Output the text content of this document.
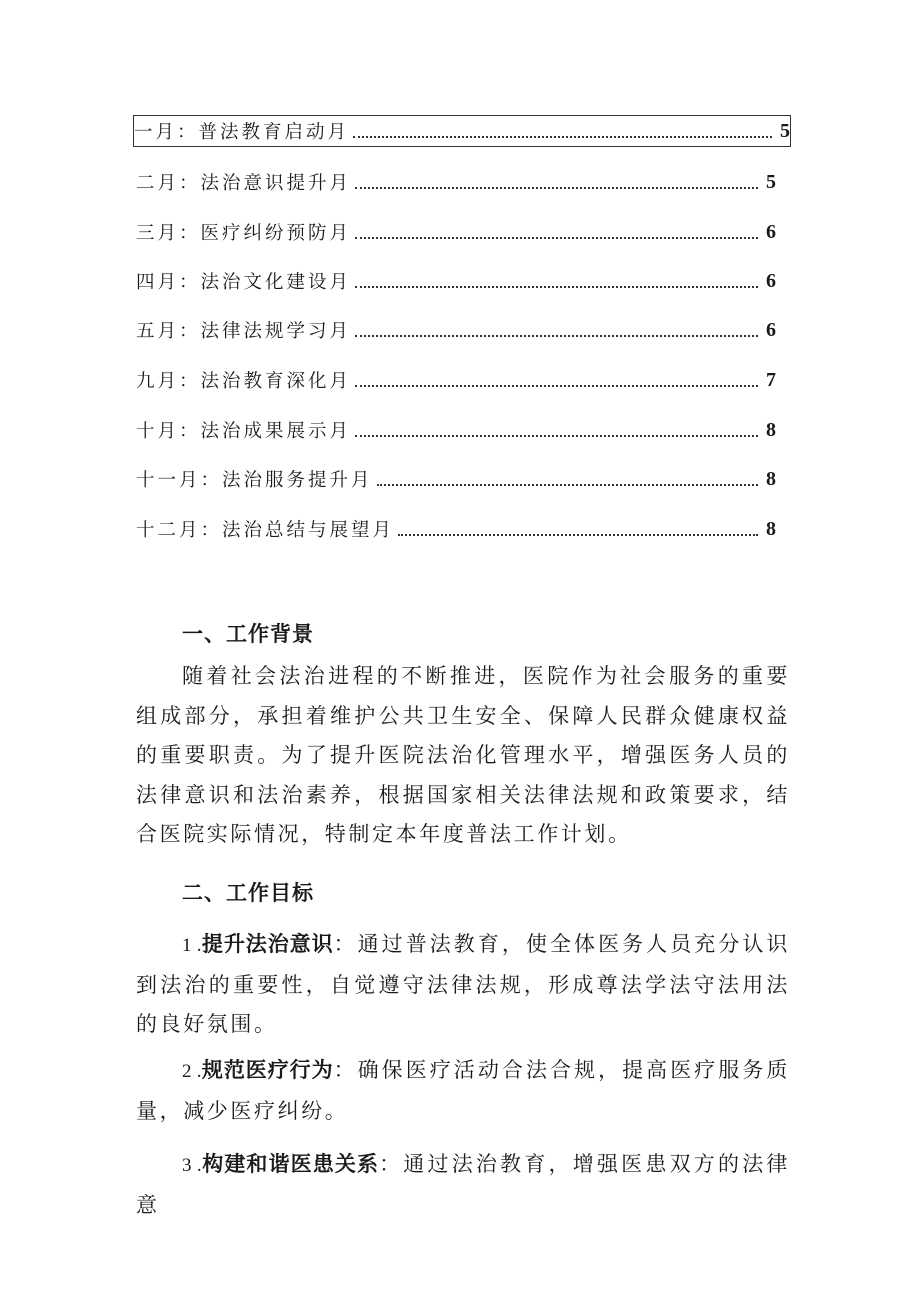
一月：普法教育启动月	5
二月：法治意识提升月	5
三月：医疗纠纷预防月	6
四月：法治文化建设月	6
五月：法律法规学习月	6
九月：法治教育深化月	7
十月：法治成果展示月	8
十一月：法治服务提升月	8
十二月：法治总结与展望月	8
一、工作背景

随着社会法治进程的不断推进，医院作为社会服务的重要组成部分，承担着维护公共卫生安全、保障人民群众健康权益的重要职责。为了提升医院法治化管理水平，增强医务人员的法律意识和法治素养，根据国家相关法律法规和政策要求，结合医院实际情况，特制定本年度普法工作计划。

二、工作目标

1 .提升法治意识：通过普法教育，使全体医务人员充分认识到法治的重要性，自觉遵守法律法规，形成尊法学法守法用法的良好氛围。

2 .规范医疗行为：确保医疗活动合法合规，提高医疗服务质量，减少医疗纠纷。

3 .构建和谐医患关系：通过法治教育，增强医患双方的法律意
